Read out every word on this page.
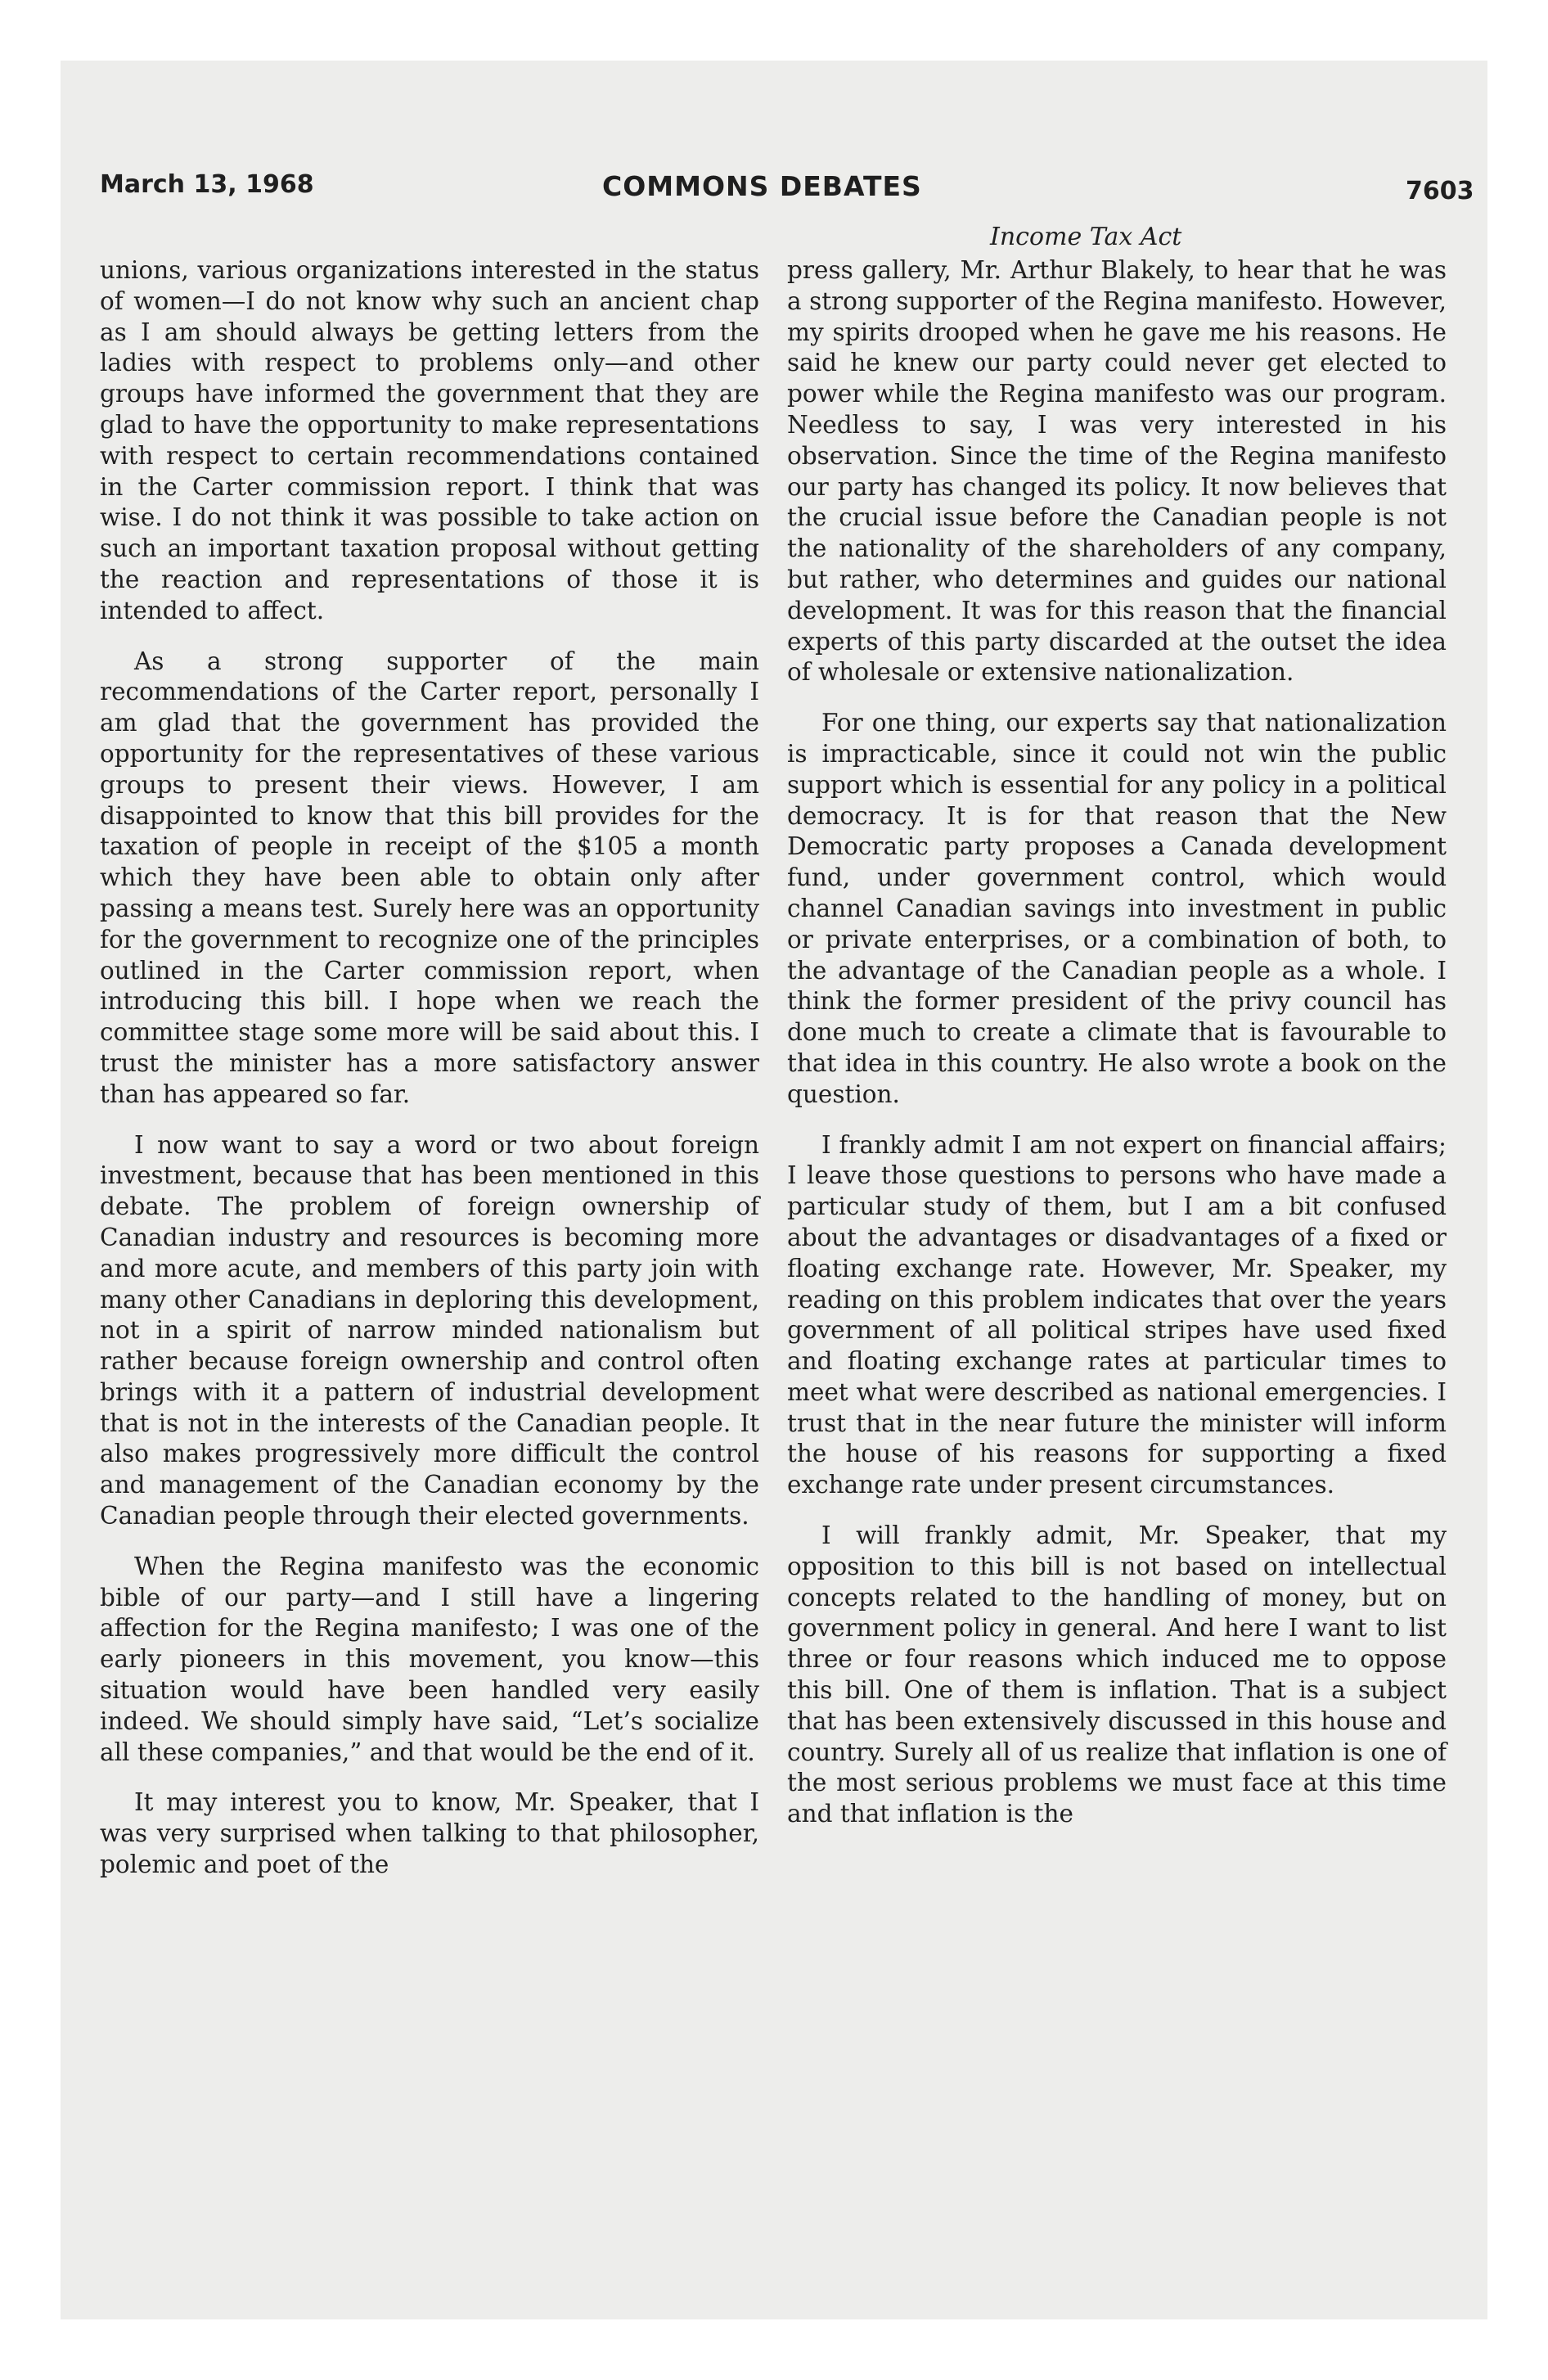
March 13, 1968	COMMONS DEBATES	7603
Income Tax Act

unions, various organizations interested in the status of women—I do not know why such an ancient chap as I am should always be getting letters from the ladies with respect to problems only—and other groups have informed the government that they are glad to have the opportunity to make representations with respect to certain recommendations contained in the Carter commission report. I think that was wise. I do not think it was possible to take action on such an important taxation proposal without getting the reaction and representations of those it is intended to affect.

As a strong supporter of the main recommendations of the Carter report, personally I am glad that the government has provided the opportunity for the representatives of these various groups to present their views. However, I am disappointed to know that this bill provides for the taxation of people in receipt of the $105 a month which they have been able to obtain only after passing a means test. Surely here was an opportunity for the government to recognize one of the principles outlined in the Carter commission report, when introducing this bill. I hope when we reach the committee stage some more will be said about this. I trust the minister has a more satisfactory answer than has appeared so far.

I now want to say a word or two about foreign investment, because that has been mentioned in this debate. The problem of foreign ownership of Canadian industry and resources is becoming more and more acute, and members of this party join with many other Canadians in deploring this development, not in a spirit of narrow minded nationalism but rather because foreign ownership and control often brings with it a pattern of industrial development that is not in the interests of the Canadian people. It also makes progressively more difficult the control and management of the Canadian economy by the Canadian people through their elected governments.

When the Regina manifesto was the economic bible of our party—and I still have a lingering affection for the Regina manifesto; I was one of the early pioneers in this movement, you know—this situation would have been handled very easily indeed. We should simply have said, “Let’s socialize all these companies,” and that would be the end of it.

It may interest you to know, Mr. Speaker, that I was very surprised when talking to that philosopher, polemic and poet of the

press gallery, Mr. Arthur Blakely, to hear that he was a strong supporter of the Regina manifesto. However, my spirits drooped when he gave me his reasons. He said he knew our party could never get elected to power while the Regina manifesto was our program. Needless to say, I was very interested in his observation. Since the time of the Regina manifesto our party has changed its policy. It now believes that the crucial issue before the Canadian people is not the nationality of the shareholders of any company, but rather, who determines and guides our national development. It was for this reason that the financial experts of this party discarded at the outset the idea of wholesale or extensive nationalization.

For one thing, our experts say that nationalization is impracticable, since it could not win the public support which is essential for any policy in a political democracy. It is for that reason that the New Democratic party proposes a Canada development fund, under government control, which would channel Canadian savings into investment in public or private enterprises, or a combination of both, to the advantage of the Canadian people as a whole. I think the former president of the privy council has done much to create a climate that is favourable to that idea in this country. He also wrote a book on the question.

I frankly admit I am not expert on financial affairs; I leave those questions to persons who have made a particular study of them, but I am a bit confused about the advantages or disadvantages of a fixed or floating exchange rate. However, Mr. Speaker, my reading on this problem indicates that over the years government of all political stripes have used fixed and floating exchange rates at particular times to meet what were described as national emergencies. I trust that in the near future the minister will inform the house of his reasons for supporting a fixed exchange rate under present circumstances.

I will frankly admit, Mr. Speaker, that my opposition to this bill is not based on intellectual concepts related to the handling of money, but on government policy in general. And here I want to list three or four reasons which induced me to oppose this bill. One of them is inflation. That is a subject that has been extensively discussed in this house and country. Surely all of us realize that inflation is one of the most serious problems we must face at this time and that inflation is the
